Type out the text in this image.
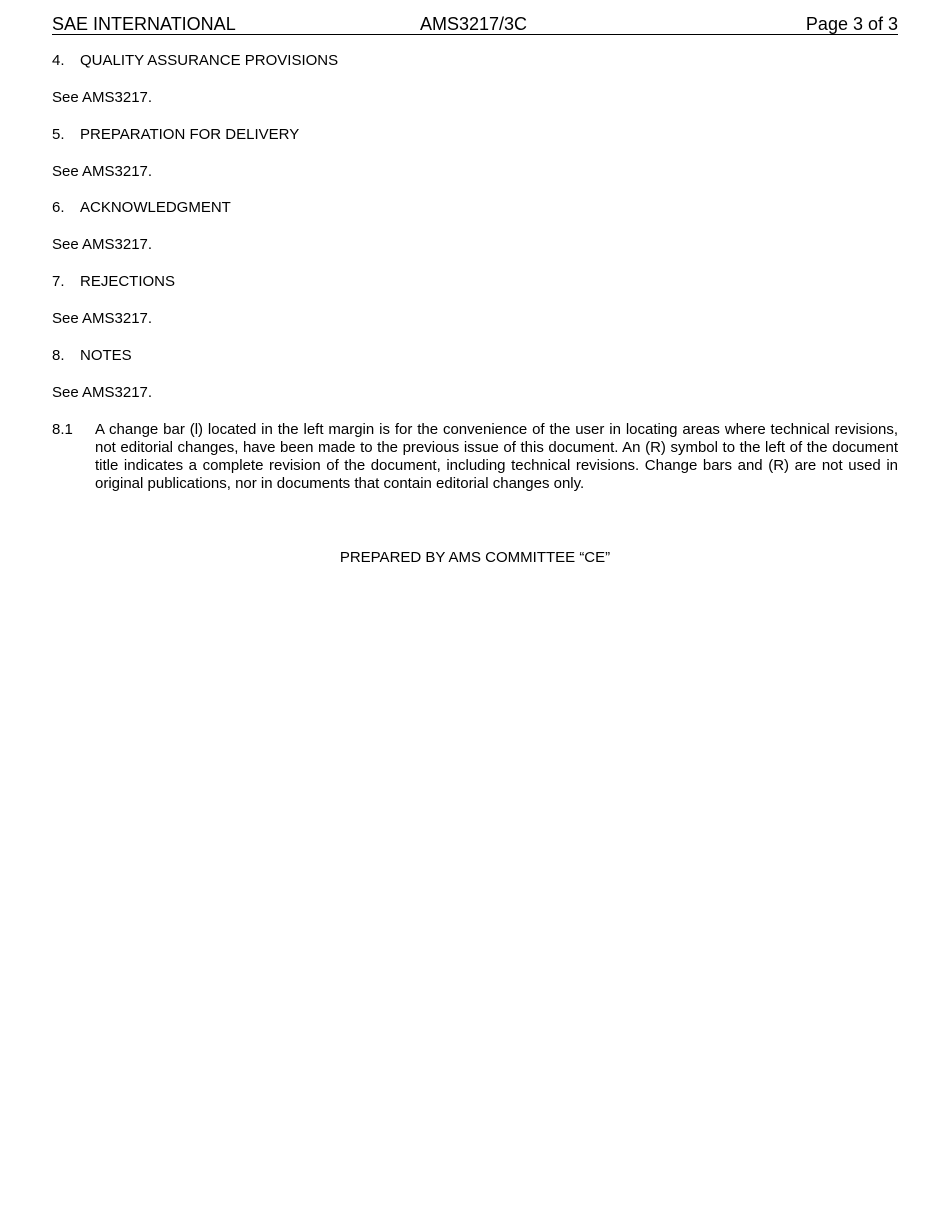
SAE INTERNATIONAL	AMS3217/3C	Page 3 of 3
4. QUALITY ASSURANCE PROVISIONS
See AMS3217.
5. PREPARATION FOR DELIVERY
See AMS3217.
6. ACKNOWLEDGMENT
See AMS3217.
7. REJECTIONS
See AMS3217.
8. NOTES
See AMS3217.
8.1 A change bar (l) located in the left margin is for the convenience of the user in locating areas where technical revisions, not editorial changes, have been made to the previous issue of this document. An (R) symbol to the left of the document title indicates a complete revision of the document, including technical revisions. Change bars and (R) are not used in original publications, nor in documents that contain editorial changes only.
PREPARED BY AMS COMMITTEE “CE”
